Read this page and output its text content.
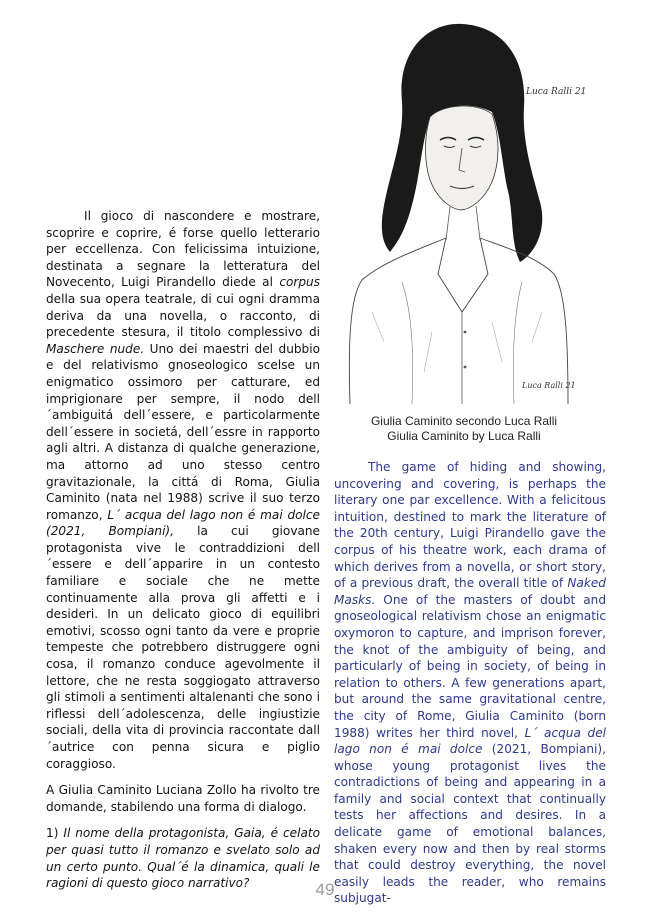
Luca Ralli 21
Luca Ralli 21
Giulia Caminito secondo Luca Ralli
Giulia Caminito by Luca Ralli

Il gioco di nascondere e mostrare, scoprire e coprire, é forse quello letterario per eccellenza. Con felicissima intuizione, destinata a segnare la letteratura del Novecento, Luigi Pirandello diede al corpus della sua opera teatrale, di cui ogni dramma deriva da una novella, o racconto, di precedente stesura, il titolo complessivo di Maschere nude. Uno dei maestri del dubbio e del relativismo gnoseologico scelse un enigmatico ossimoro per catturare, ed imprigionare per sempre, il nodo dell´ambiguitá dell´essere, e particolarmente dell´essere in societá, dell´essre in rapporto agli altri. A distanza di qualche generazione, ma attorno ad uno stesso centro gravitazionale, la cittá di Roma, Giulia Caminito (nata nel 1988) scrive il suo terzo romanzo, L´ acqua del lago non é mai dolce (2021, Bompiani), la cui giovane protagonista vive le contraddizioni dell´essere e dell´apparire in un contesto familiare e sociale che ne mette continuamente alla prova gli affetti e i desideri. In un delicato gioco di equilibri emotivi, scosso ogni tanto da vere e proprie tempeste che potrebbero distruggere ogni cosa, il romanzo conduce agevolmente il lettore, che ne resta soggiogato attraverso gli stimoli a sentimenti altalenanti che sono i riflessi dell´adolescenza, delle ingiustizie sociali, della vita di provincia raccontate dall´autrice con penna sicura e piglio coraggioso.

A Giulia Caminito Luciana Zollo ha rivolto tre domande, stabilendo una forma di dialogo.

1) Il nome della protagonista, Gaia, é celato per quasi tutto il romanzo e svelato solo ad un certo punto. Qual´é la dinamica, quali le ragioni di questo gioco narrativo?

The game of hiding and showing, uncovering and covering, is perhaps the literary one par excellence. With a felicitous intuition, destined to mark the literature of the 20th century, Luigi Pirandello gave the corpus of his theatre work, each drama of which derives from a novella, or short story, of a previous draft, the overall title of Naked Masks. One of the masters of doubt and gnoseological relativism chose an enigmatic oxymoron to capture, and imprison forever, the knot of the ambiguity of being, and particularly of being in society, of being in relation to others. A few generations apart, but around the same gravitational centre, the city of Rome, Giulia Caminito (born 1988) writes her third novel, L´ acqua del lago non é mai dolce (2021, Bompiani), whose young protagonist lives the contradictions of being and appearing in a family and social context that continually tests her affections and desires. In a delicate game of emotional balances, shaken every now and then by real storms that could destroy everything, the novel easily leads the reader, who remains subjugat-

49
